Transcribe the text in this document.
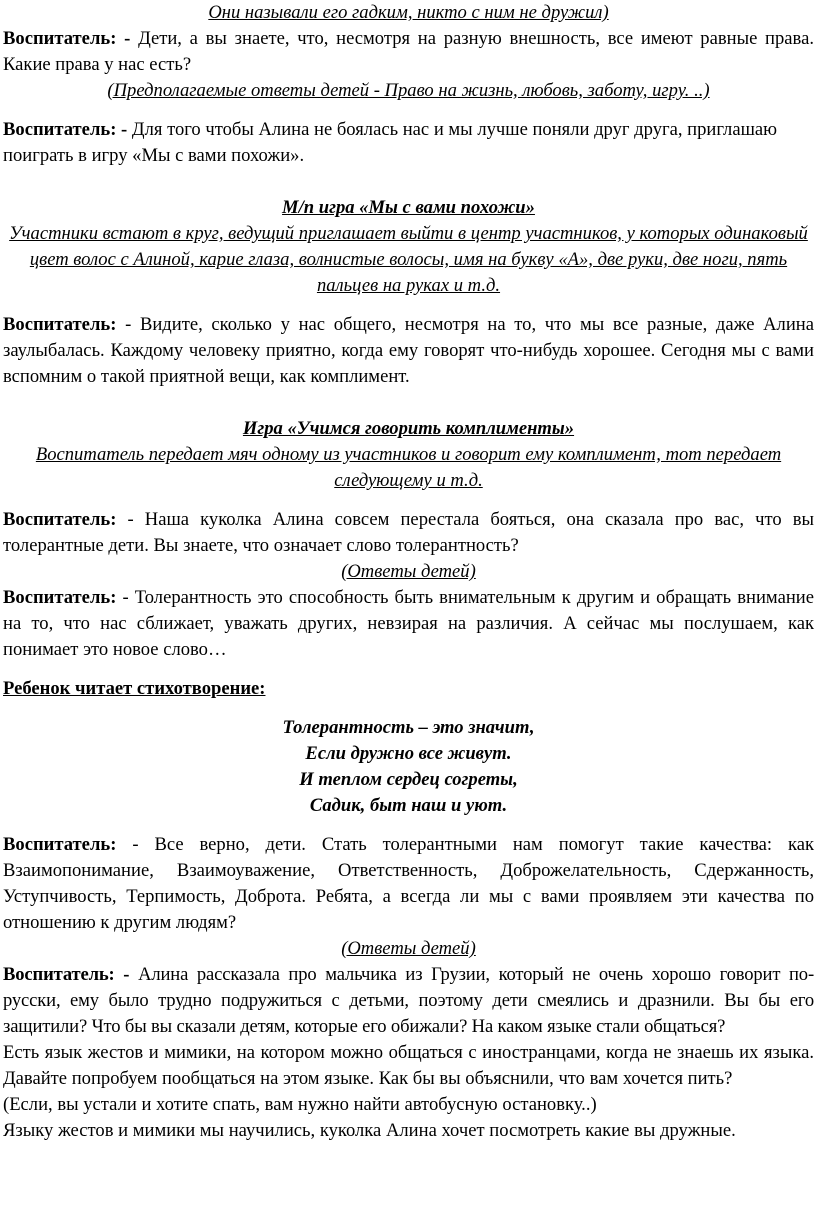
Они называли его гадким, никто с ним не дружил)

Воспитатель: - Дети, а вы знаете, что, несмотря на разную внешность, все имеют равные права. Какие права у нас есть?

(Предполагаемые ответы детей - Право на жизнь, любовь, заботу, игру. ..)

Воспитатель: - Для того чтобы Алина не боялась нас и мы лучше поняли друг друга, приглашаю поиграть в игру «Мы с вами похожи».

М/п игра «Мы с вами похожи»

Участники встают в круг, ведущий приглашает выйти в центр участников, у которых одинаковый цвет волос с Алиной, карие глаза, волнистые волосы, имя на букву «А», две руки, две ноги, пять пальцев на руках и т.д.

Воспитатель: - Видите, сколько у нас общего, несмотря на то, что мы все разные, даже Алина заулыбалась. Каждому человеку приятно, когда ему говорят что-нибудь хорошее. Сегодня мы с вами вспомним о такой приятной вещи, как комплимент.

Игра «Учимся говорить комплименты»

Воспитатель передает мяч одному из участников и говорит ему комплимент, тот передает следующему и т.д.

Воспитатель: - Наша куколка Алина совсем перестала бояться, она сказала про вас, что вы толерантные дети. Вы знаете, что означает слово толерантность?

(Ответы детей)

Воспитатель: - Толерантность это способность быть внимательным к другим и обращать внимание на то, что нас сближает, уважать других, невзирая на различия. А сейчас мы послушаем, как понимает это новое слово…

Ребенок читает стихотворение:

Толерантность – это значит,

Если дружно все живут.

И теплом сердец согреты,

Садик, быт наш и уют.

Воспитатель: - Все верно, дети. Стать толерантными нам помогут такие качества: как Взаимопонимание, Взаимоуважение, Ответственность, Доброжелательность, Сдержанность, Уступчивость, Терпимость, Доброта. Ребята, а всегда ли мы с вами проявляем эти качества по отношению к другим людям?

(Ответы детей)

Воспитатель: - Алина рассказала про мальчика из Грузии, который не очень хорошо говорит по-русски, ему было трудно подружиться с детьми, поэтому дети смеялись и дразнили. Вы бы его защитили? Что бы вы сказали детям, которые его обижали? На каком языке стали общаться?

Есть язык жестов и мимики, на котором можно общаться с иностранцами, когда не знаешь их языка. Давайте попробуем пообщаться на этом языке. Как бы вы объяснили, что вам хочется пить?

(Если, вы устали и хотите спать, вам нужно найти автобусную остановку..)

Языку жестов и мимики мы научились, куколка Алина хочет посмотреть какие вы дружные.
